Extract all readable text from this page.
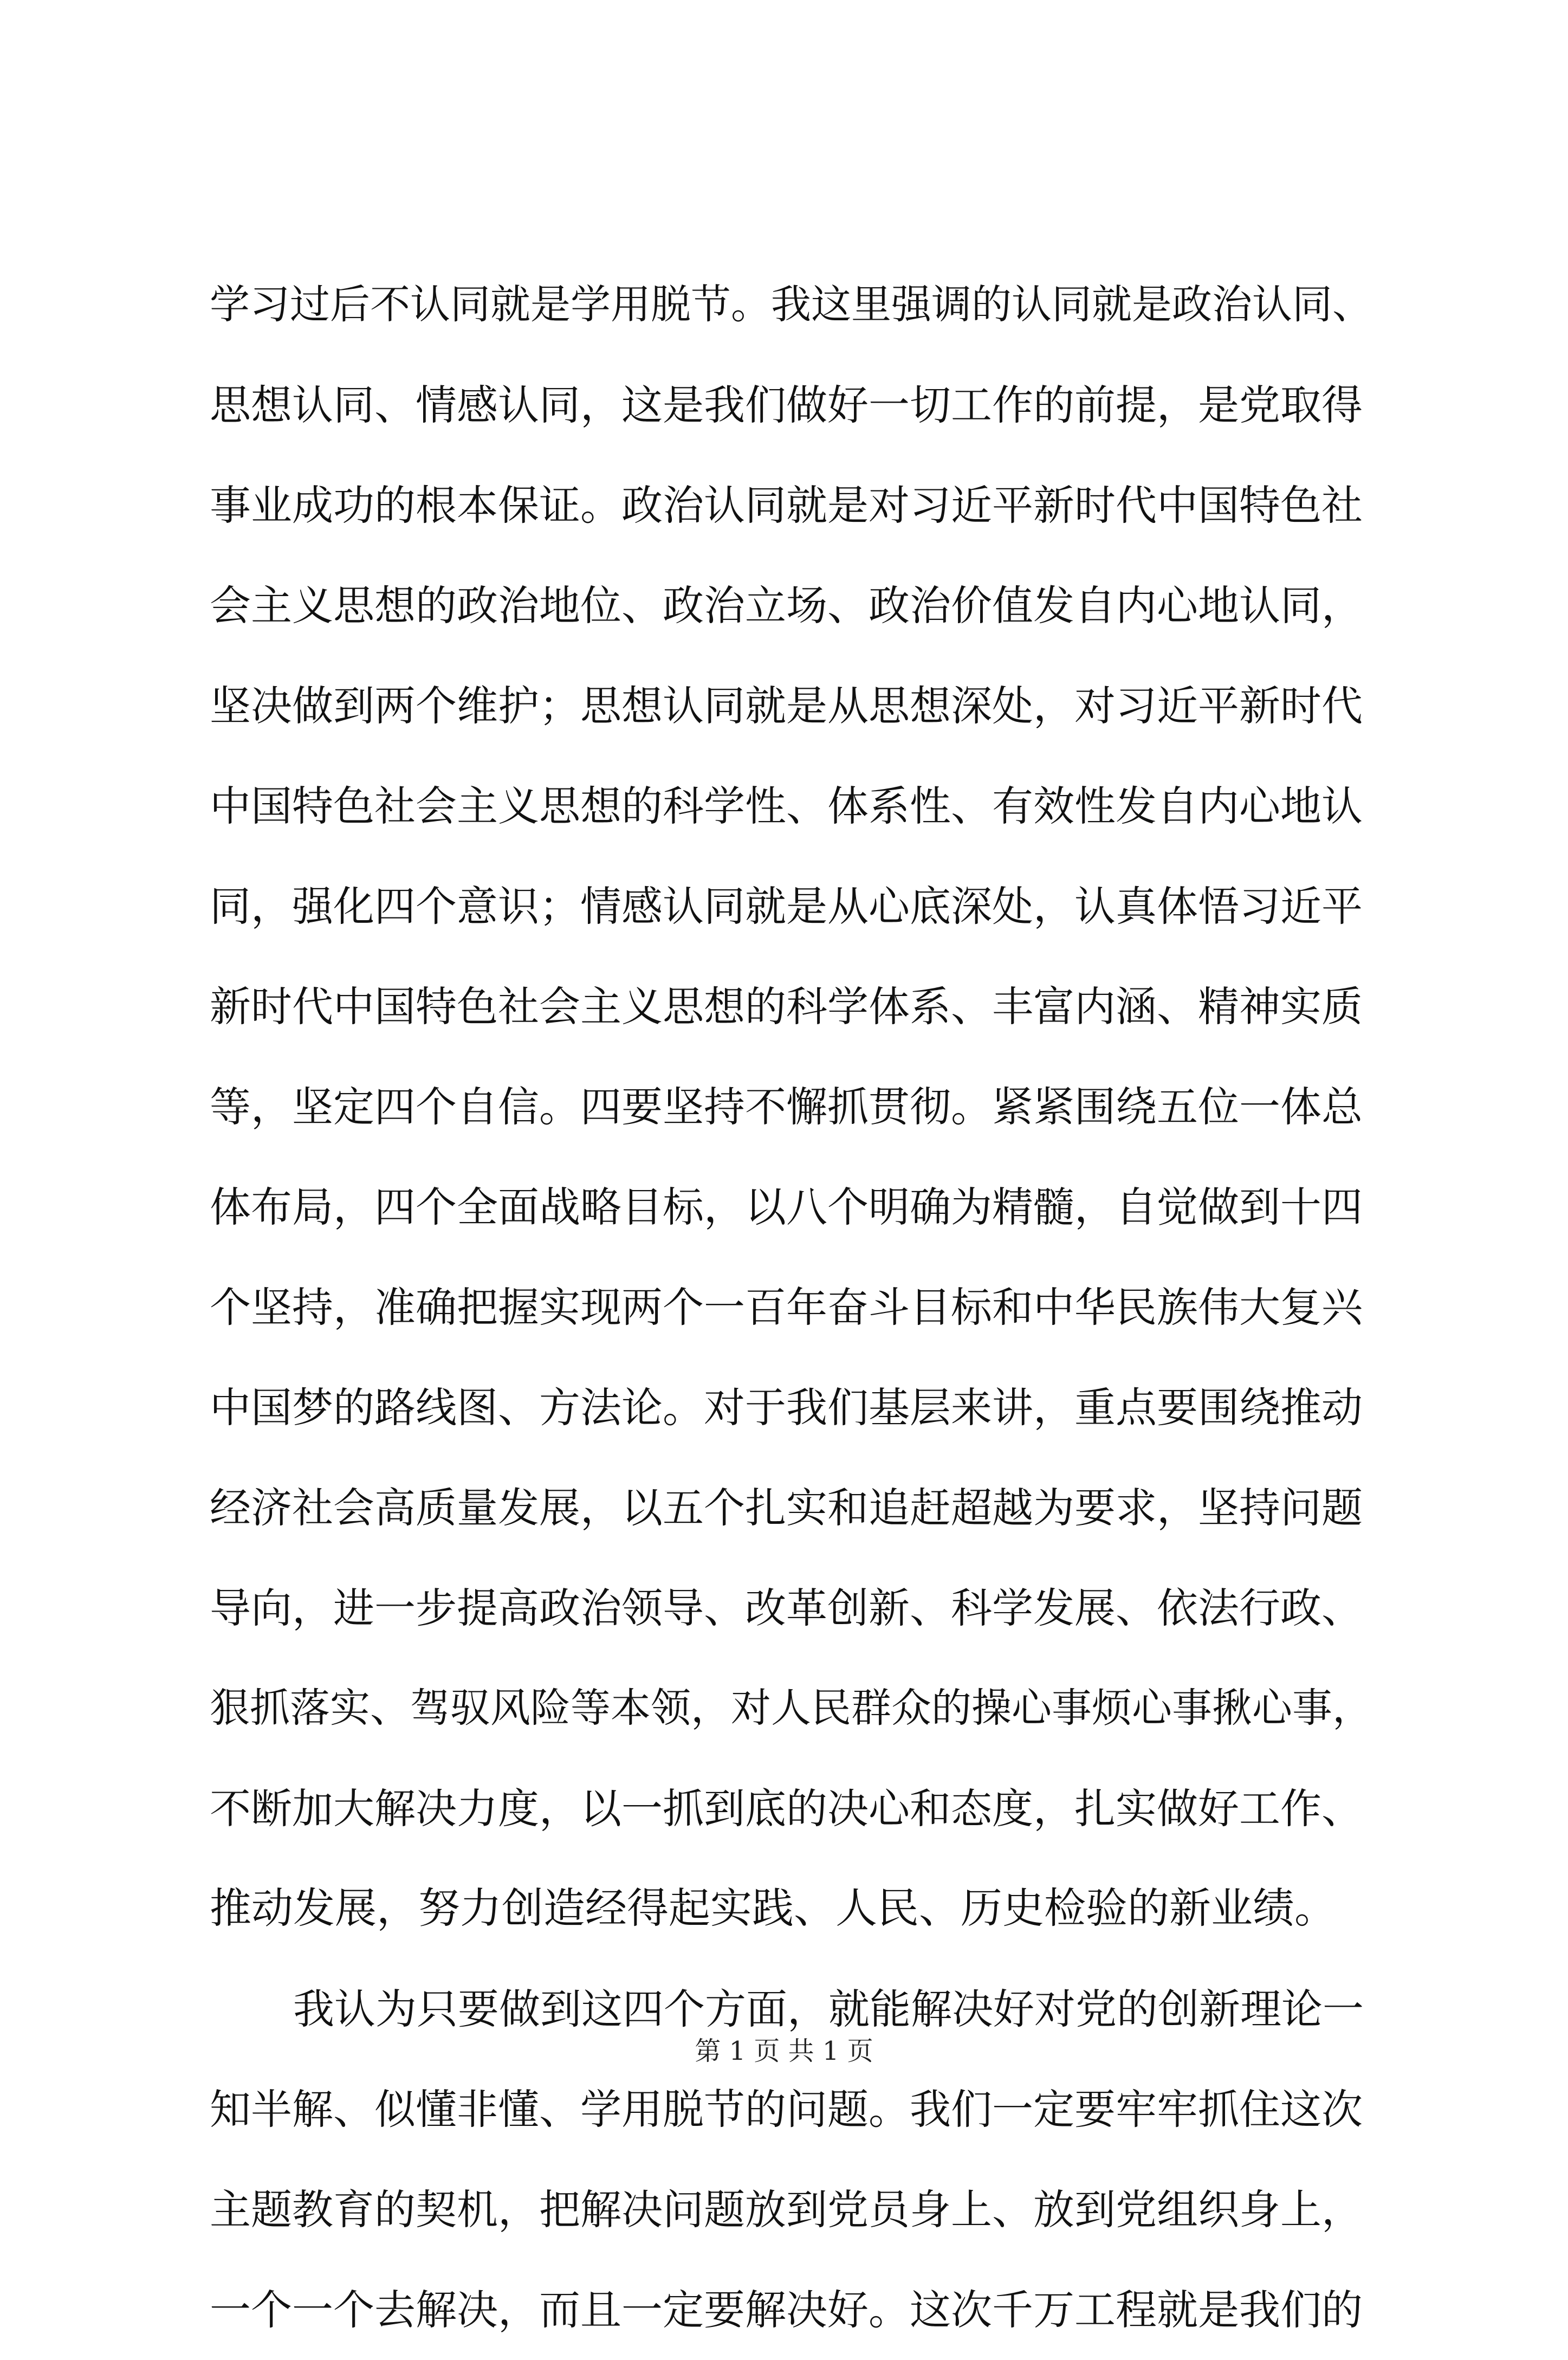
学习过后不认同就是学用脱节。我这里强调的认同就是政治认同、
思想认同、情感认同，这是我们做好一切工作的前提，是党取得
事业成功的根本保证。政治认同就是对习近平新时代中国特色社
会主义思想的政治地位、政治立场、政治价值发自内心地认同，
坚决做到两个维护；思想认同就是从思想深处，对习近平新时代
中国特色社会主义思想的科学性、体系性、有效性发自内心地认
同，强化四个意识；情感认同就是从心底深处，认真体悟习近平
新时代中国特色社会主义思想的科学体系、丰富内涵、精神实质
等，坚定四个自信。四要坚持不懈抓贯彻。紧紧围绕五位一体总
体布局，四个全面战略目标，以八个明确为精髓，自觉做到十四
个坚持，准确把握实现两个一百年奋斗目标和中华民族伟大复兴
中国梦的路线图、方法论。对于我们基层来讲，重点要围绕推动
经济社会高质量发展，以五个扎实和追赶超越为要求，坚持问题
导向，进一步提高政治领导、改革创新、科学发展、依法行政、
狠抓落实、驾驭风险等本领，对人民群众的操心事烦心事揪心事，
不断加大解决力度，以一抓到底的决心和态度，扎实做好工作、
推动发展，努力创造经得起实践、人民、历史检验的新业绩。
我认为只要做到这四个方面，就能解决好对党的创新理论一
知半解、似懂非懂、学用脱节的问题。我们一定要牢牢抓住这次
主题教育的契机，把解决问题放到党员身上、放到党组织身上，
一个一个去解决，而且一定要解决好。这次千万工程就是我们的
第 1 页 共 1 页
